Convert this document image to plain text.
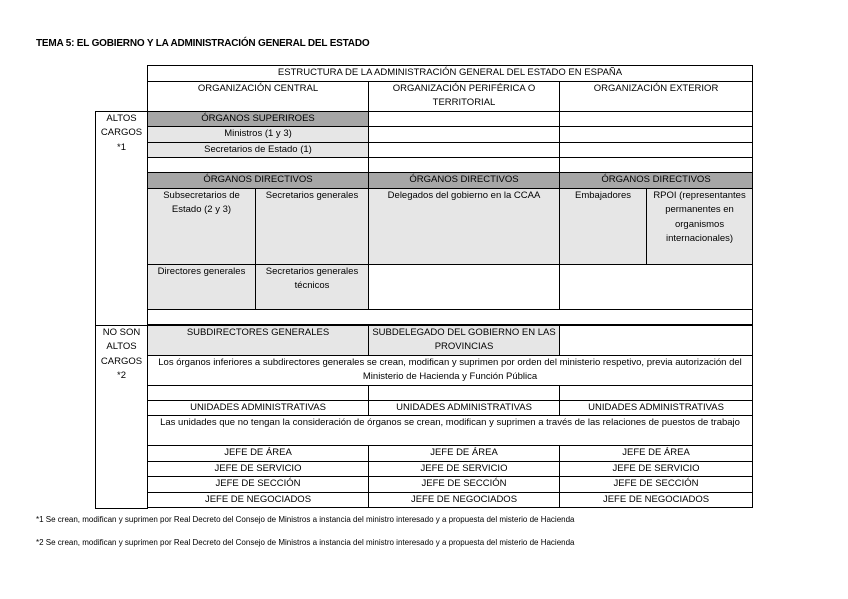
TEMA 5: EL GOBIERNO Y LA ADMINISTRACIÓN GENERAL DEL ESTADO
	ESTRUCTURA DE LA ADMINISTRACIÓN GENERAL DEL ESTADO EN ESPAÑA				
	ORGANIZACIÓN CENTRAL		ORGANIZACIÓN PERIFÉRICA O TERRITORIAL	ORGANIZACIÓN EXTERIOR	
ALTOS CARGOS *1	ÓRGANOS SUPERIROES				
	Ministros (1 y 3)				
	Secretarios de Estado (1)				

	ÓRGANOS DIRECTIVOS		ÓRGANOS DIRECTIVOS	ÓRGANOS DIRECTIVOS	
	Subsecretarios de Estado (2 y 3)	Secretarios generales	Delegados del gobierno en la CCAA	Embajadores	RPOI (representantes permanentes en organismos internacionales)
	Directores generales	Secretarios generales técnicos			

NO SON ALTOS CARGOS *2	SUBDIRECTORES GENERALES		SUBDELEGADO DEL GOBIERNO EN LAS PROVINCIAS		
	Los órganos inferiores a subdirectores generales se crean, modifican y suprimen por orden del ministerio respetivo, previa autorización del Ministerio de Hacienda y Función Pública				

	UNIDADES ADMINISTRATIVAS		UNIDADES ADMINISTRATIVAS	UNIDADES ADMINISTRATIVAS	
	Las unidades que no tengan la consideración de órganos se crean, modifican y suprimen a través de las relaciones de puestos de trabajo				
	JEFE DE ÁREA		JEFE DE ÁREA	JEFE DE ÁREA	
	JEFE DE SERVICIO		JEFE DE SERVICIO	JEFE DE SERVICIO	
	JEFE DE SECCIÓN		JEFE DE SECCIÓN	JEFE DE SECCIÓN	
	JEFE DE NEGOCIADOS		JEFE DE NEGOCIADOS	JEFE DE NEGOCIADOS	

*1 Se crean, modifican y suprimen por Real Decreto del Consejo de Ministros a instancia del ministro interesado y a propuesta del misterio de Hacienda
*2 Se crean, modifican y suprimen por Real Decreto del Consejo de Ministros a instancia del ministro interesado y a propuesta del misterio de Hacienda
